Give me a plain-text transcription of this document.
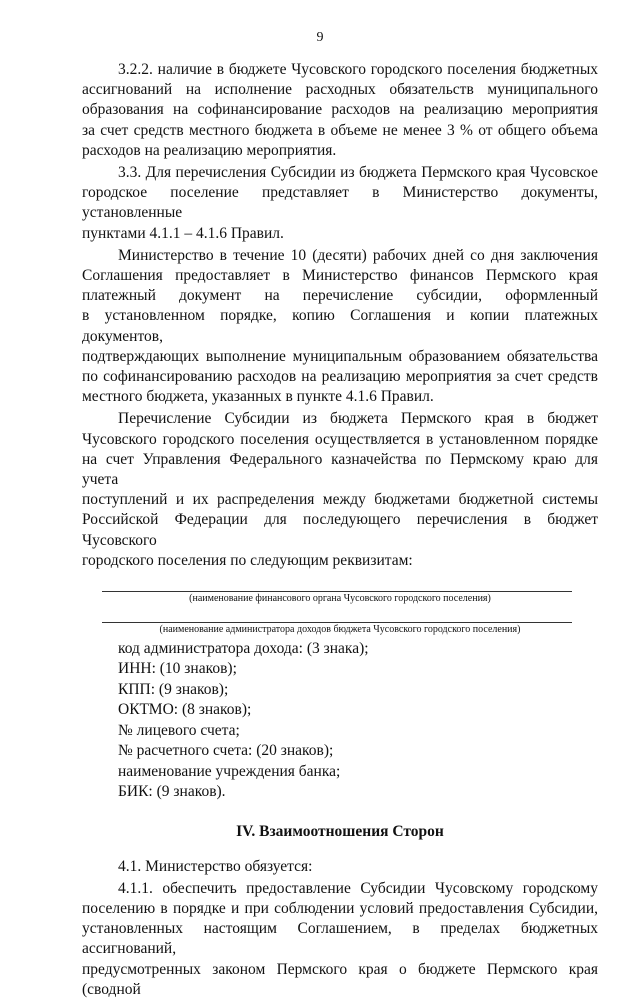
9
3.2.2. наличие в бюджете Чусовского городского поселения бюджетных
ассигнований на исполнение расходных обязательств муниципального
образования на софинансирование расходов на реализацию мероприятия
за счет средств местного бюджета в объеме не менее 3 % от общего объема
расходов на реализацию мероприятия.
3.3. Для перечисления Субсидии из бюджета Пермского края Чусовское
городское поселение представляет в Министерство документы, установленные
пунктами 4.1.1 – 4.1.6 Правил.
Министерство в течение 10 (десяти) рабочих дней со дня заключения
Соглашения предоставляет в Министерство финансов Пермского края
платежный документ на перечисление субсидии, оформленный
в установленном порядке, копию Соглашения и копии платежных документов,
подтверждающих выполнение муниципальным образованием обязательства
по софинансированию расходов на реализацию мероприятия за счет средств
местного бюджета, указанных в пункте 4.1.6 Правил.
Перечисление Субсидии из бюджета Пермского края в бюджет
Чусовского городского поселения осуществляется в установленном порядке
на счет Управления Федерального казначейства по Пермскому краю для учета
поступлений и их распределения между бюджетами бюджетной системы
Российской Федерации для последующего перечисления в бюджет Чусовского
городского поселения по следующим реквизитам:
(наименование финансового органа Чусовского городского поселения)
(наименование администратора доходов бюджета Чусовского городского поселения)
код администратора дохода: (3 знака);
ИНН: (10 знаков);
КПП: (9 знаков);
ОКТМО: (8 знаков);
№ лицевого счета;
№ расчетного счета: (20 знаков);
наименование учреждения банка;
БИК: (9 знаков).
IV. Взаимоотношения Сторон
4.1. Министерство обязуется:
4.1.1. обеспечить предоставление Субсидии Чусовскому городскому
поселению в порядке и при соблюдении условий предоставления Субсидии,
установленных настоящим Соглашением, в пределах бюджетных ассигнований,
предусмотренных законом Пермского края о бюджете Пермского края (сводной
